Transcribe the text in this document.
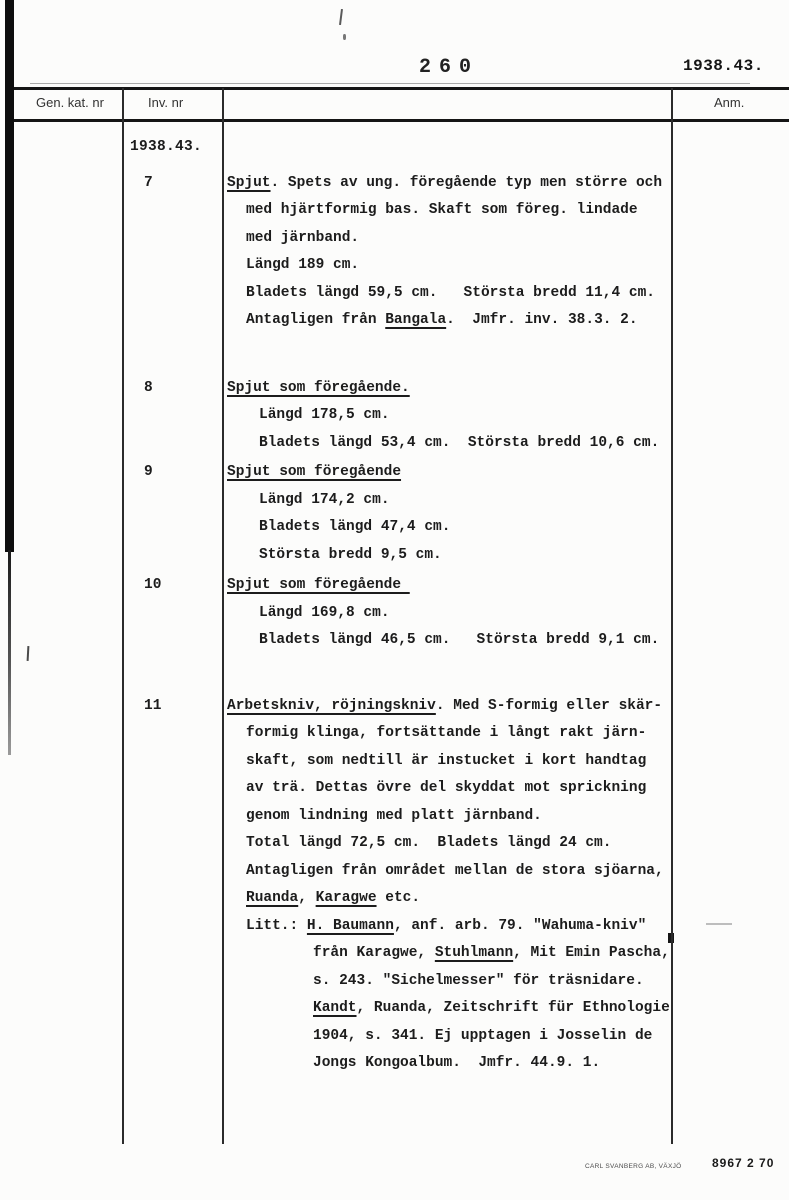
260	1938.43.
Gen. kat. nr	Inv. nr	Anm.
1938.43.
7	Spjut. Spets av ung. föregående typ men större och
med hjärtformig bas. Skaft som föreg. lindade
med järnband.
Längd 189 cm.
Bladets längd 59,5 cm.   Största bredd 11,4 cm.
Antagligen från Bangala.  Jmfr. inv. 38.3. 2.
8	Spjut som föregående.
Längd 178,5 cm.
Bladets längd 53,4 cm.  Största bredd 10,6 cm.
9	Spjut som föregående
Längd 174,2 cm.
Bladets längd 47,4 cm.
Största bredd 9,5 cm.
10	Spjut som föregående
Längd 169,8 cm.
Bladets längd 46,5 cm.   Största bredd 9,1 cm.
11	Arbetskniv, röjningskniv. Med S-formig eller skär-
formig klinga, fortsättande i långt rakt järn-
skaft, som nedtill är instucket i kort handtag
av trä. Dettas övre del skyddat mot sprickning
genom lindning med platt järnband.
Total längd 72,5 cm.  Bladets längd 24 cm.
Antagligen från området mellan de stora sjöarna,
Ruanda, Karagwe etc.
Litt.: H. Baumann, anf. arb. 79. "Wahuma-kniv"
från Karagwe, Stuhlmann, Mit Emin Pascha,
s. 243. "Sichelmesser" för träsnidare.
Kandt, Ruanda, Zeitschrift für Ethnologie
1904, s. 341. Ej upptagen i Josselin de
Jongs Kongoalbum.  Jmfr. 44.9. 1.
CARL SVANBERG AB, VÄXJÖ	8967 2 70
